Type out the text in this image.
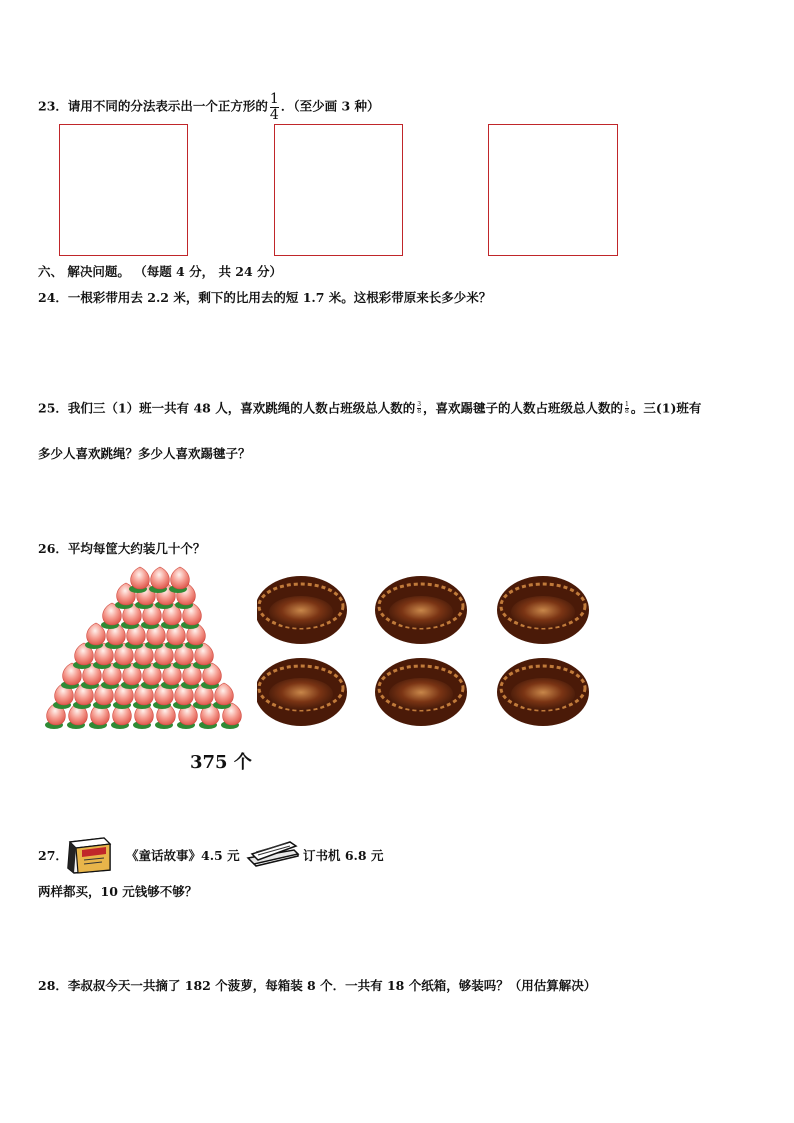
23．请用不同的分法表示出一个正方形的 $\frac{1}{4}$ ．（至少画 3 种）
六、 解决问题。 （每题 4 分， 共 24 分）
24．一根彩带用去 2.2 米，剩下的比用去的短 1.7 米。这根彩带原来长多少米？
25．我们三（1）班一共有 48 人，喜欢跳绳的人数占班级总人数的 $\frac{3}{8}$ ，喜欢踢毽子的人数占班级总人数的 $\frac{1}{8}$ 。三(1)班有
多少人喜欢跳绳？多少人喜欢踢毽子？
26．平均每筐大约装几十个？
375 个
27．	《童话故事》4.5 元	订书机 6.8 元
两样都买，10 元钱够不够？
28．李叔叔今天一共摘了 182 个菠萝，每箱装 8 个．一共有 18 个纸箱，够装吗？（用估算解决）
